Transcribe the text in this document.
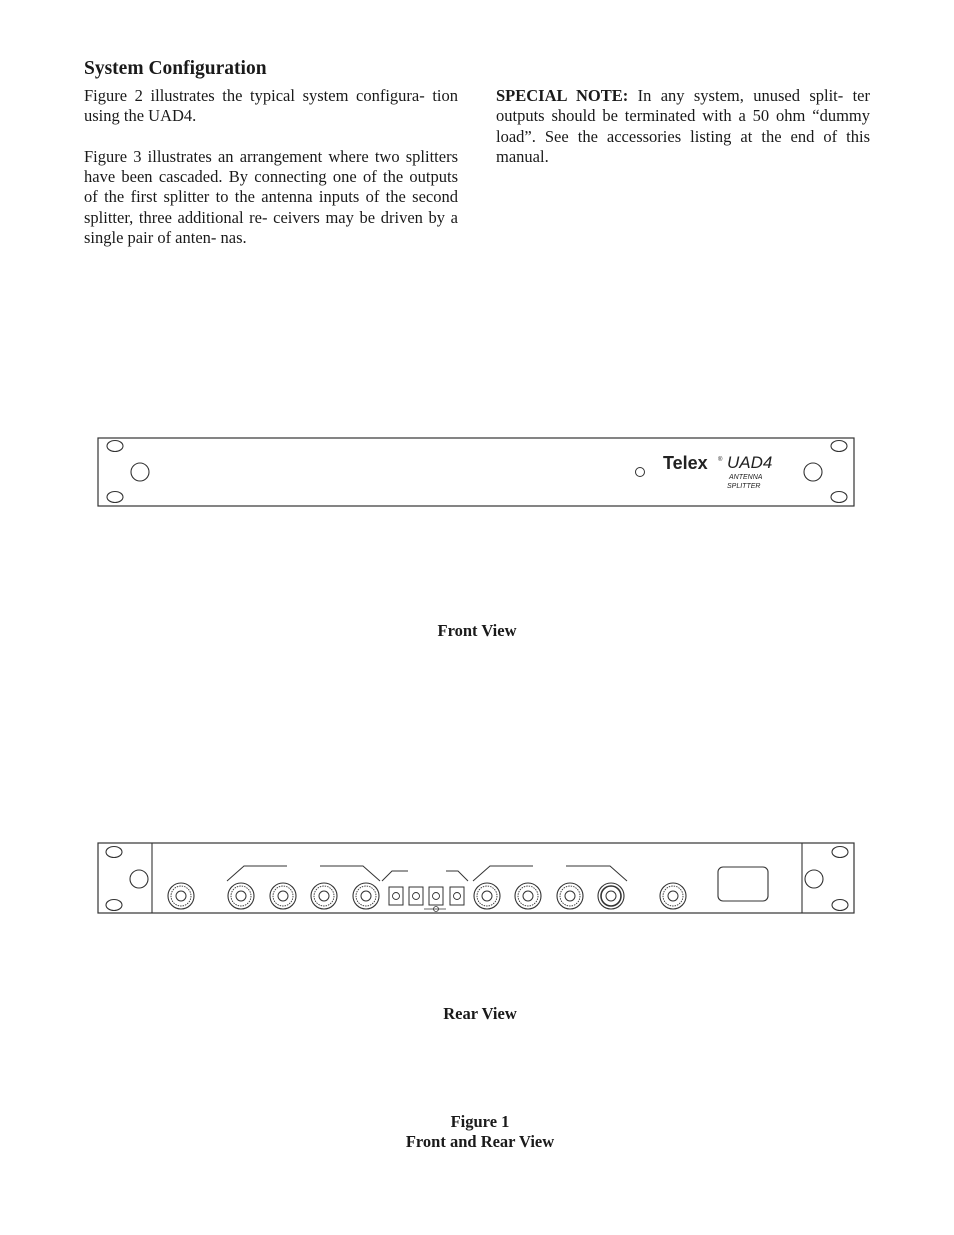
System Configuration

Figure 2 illustrates the typical system configura- tion using the UAD4.

Figure 3 illustrates an arrangement where two splitters have been cascaded. By connecting one of the outputs of the first splitter to the antenna inputs of the second splitter, three additional re- ceivers may be driven by a single pair of anten- nas.

SPECIAL NOTE: In any system, unused split- ter outputs should be terminated with a 50 ohm “dummy load”. See the accessories listing at the end of this manual.

Telex ® UAD4
ANTENNA
SPLITTER
Front View
Rear View
Figure 1
Front and Rear View
